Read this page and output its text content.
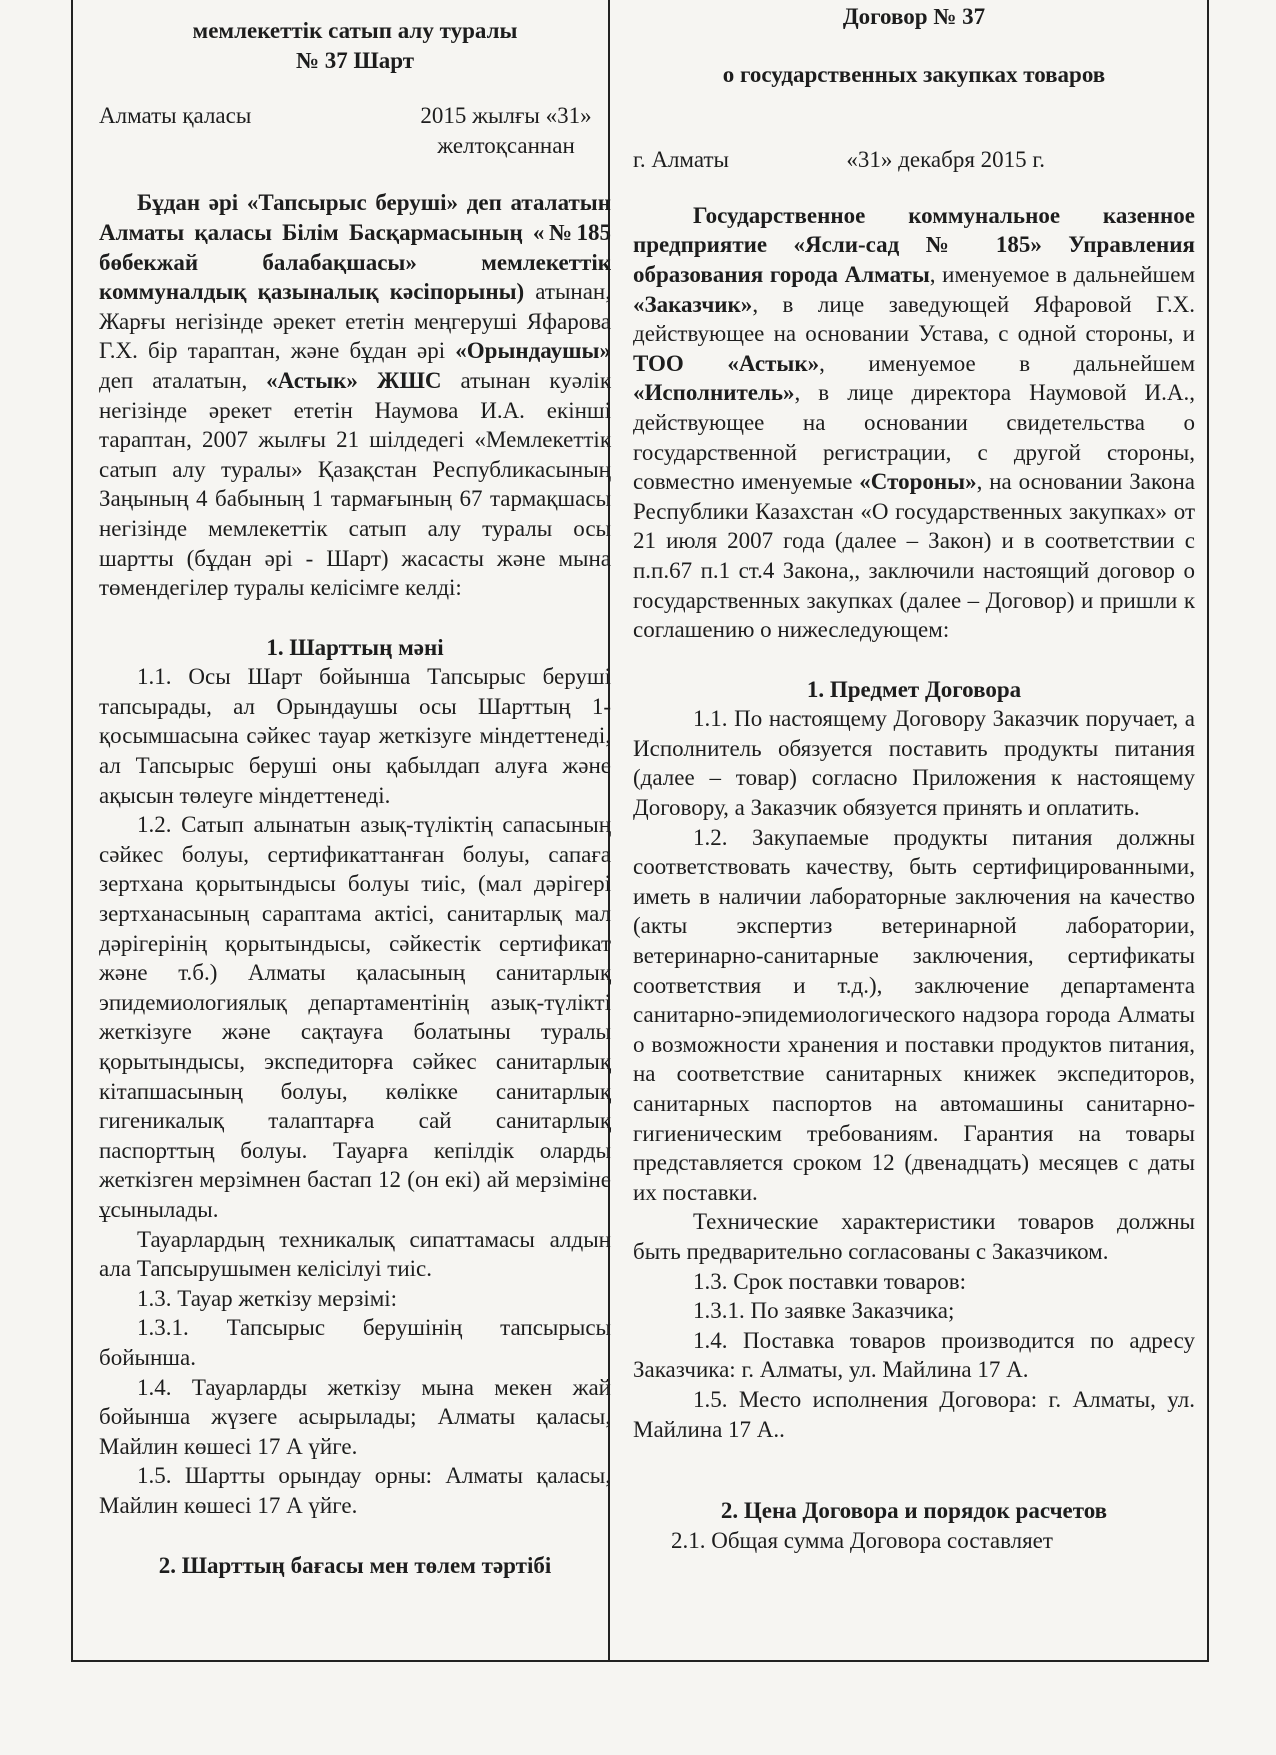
мемлекеттік сатып алу туралы

№ 37 Шарт

Алматы қаласы	2015 жылғы «31»
желтоқсаннан

Бұдан әрі «Тапсырыс беруші» деп аталатын Алматы қаласы Білім Басқармасының «№185 бөбекжай балабақшасы» мемлекеттік коммуналдық қазыналық кәсіпорыны) атынан, Жарғы негізінде әрекет ететін меңгеруші Яфарова Г.Х. бір тараптан, және бұдан әрі «Орындаушы» деп аталатын, «Астык» ЖШС атынан куәлік негізінде әрекет ететін Наумова И.А. екінші тараптан, 2007 жылғы 21 шілдедегі «Мемлекеттік сатып алу туралы» Қазақстан Республикасының Заңының 4 бабының 1 тармағының 67 тармақшасы негізінде мемлекеттік сатып алу туралы осы шартты (бұдан әрі - Шарт) жасасты және мына төмендегілер туралы келісімге келді:

1. Шарттың мәні

1.1. Осы Шарт бойынша Тапсырыс беруші тапсырады, ал Орындаушы осы Шарттың 1-қосымшасына сәйкес тауар жеткізуге міндеттенеді, ал Тапсырыс беруші оны қабылдап алуға және ақысын төлеуге міндеттенеді.

1.2. Сатып алынатын азық-түліктің сапасының сәйкес болуы, сертификаттанған болуы, сапаға зертхана қорытындысы болуы тиіс, (мал дәрігері зертханасының сараптама актісі, санитарлық мал дәрігерінің қорытындысы, сәйкестік сертификат және т.б.) Алматы қаласының санитарлық эпидемиологиялық департаментінің азық-түлікті жеткізуге және сақтауға болатыны туралы қорытындысы, экспедиторға сәйкес санитарлық кітапшасының болуы, көлікке санитарлық гигеникалық талаптарға сай санитарлық паспорттың болуы. Тауарға кепілдік оларды жеткізген мерзімнен бастап 12 (он екі) ай мерзіміне ұсынылады.

Тауарлардың техникалық сипаттамасы алдын ала Тапсырушымен келісілуі тиіс.

1.3. Тауар жеткізу мерзімі:

1.3.1. Тапсырыс берушінің тапсырысы бойынша.

1.4. Тауарларды жеткізу мына мекен жай бойынша жүзеге асырылады; Алматы қаласы, Майлин көшесі 17 А үйге.

1.5. Шартты орындау орны: Алматы қаласы, Майлин көшесі 17 А үйге.

2. Шарттың бағасы мен төлем тәртібі

Договор № 37

о государственных закупках товаров

г. Алматы	«31» декабря 2015 г.

Государственное коммунальное казенное предприятие «Ясли-сад № 185» Управления образования города Алматы, именуемое в дальнейшем «Заказчик», в лице заведующей Яфаровой Г.Х. действующее на основании Устава, с одной стороны, и ТОО «Астык», именуемое в дальнейшем «Исполнитель», в лице директора Наумовой И.А., действующее на основании свидетельства о государственной регистрации, с другой стороны, совместно именуемые «Стороны», на основании Закона Республики Казахстан «О государственных закупках» от 21 июля 2007 года (далее – Закон) и в соответствии с п.п.67 п.1 ст.4 Закона,, заключили настоящий договор о государственных закупках (далее – Договор) и пришли к соглашению о нижеследующем:

1. Предмет Договора

1.1. По настоящему Договору Заказчик поручает, а Исполнитель обязуется поставить продукты питания (далее – товар) согласно Приложения к настоящему Договору, а Заказчик обязуется принять и оплатить.

1.2. Закупаемые продукты питания должны соответствовать качеству, быть сертифицированными, иметь в наличии лабораторные заключения на качество (акты экспертиз ветеринарной лаборатории, ветеринарно-санитарные заключения, сертификаты соответствия и т.д.), заключение департамента санитарно-эпидемиологического надзора города Алматы о возможности хранения и поставки продуктов питания, на соответствие санитарных книжек экспедиторов, санитарных паспортов на автомашины санитарно-гигиеническим требованиям. Гарантия на товары представляется сроком 12 (двенадцать) месяцев с даты их поставки.

Технические характеристики товаров должны быть предварительно согласованы с Заказчиком.

1.3. Срок поставки товаров:

1.3.1. По заявке Заказчика;

1.4. Поставка товаров производится по адресу Заказчика: г. Алматы, ул. Майлина 17 А.

1.5. Место исполнения Договора: г. Алматы, ул. Майлина 17 А..

2. Цена Договора и порядок расчетов

2.1. Общая сумма Договора составляет
